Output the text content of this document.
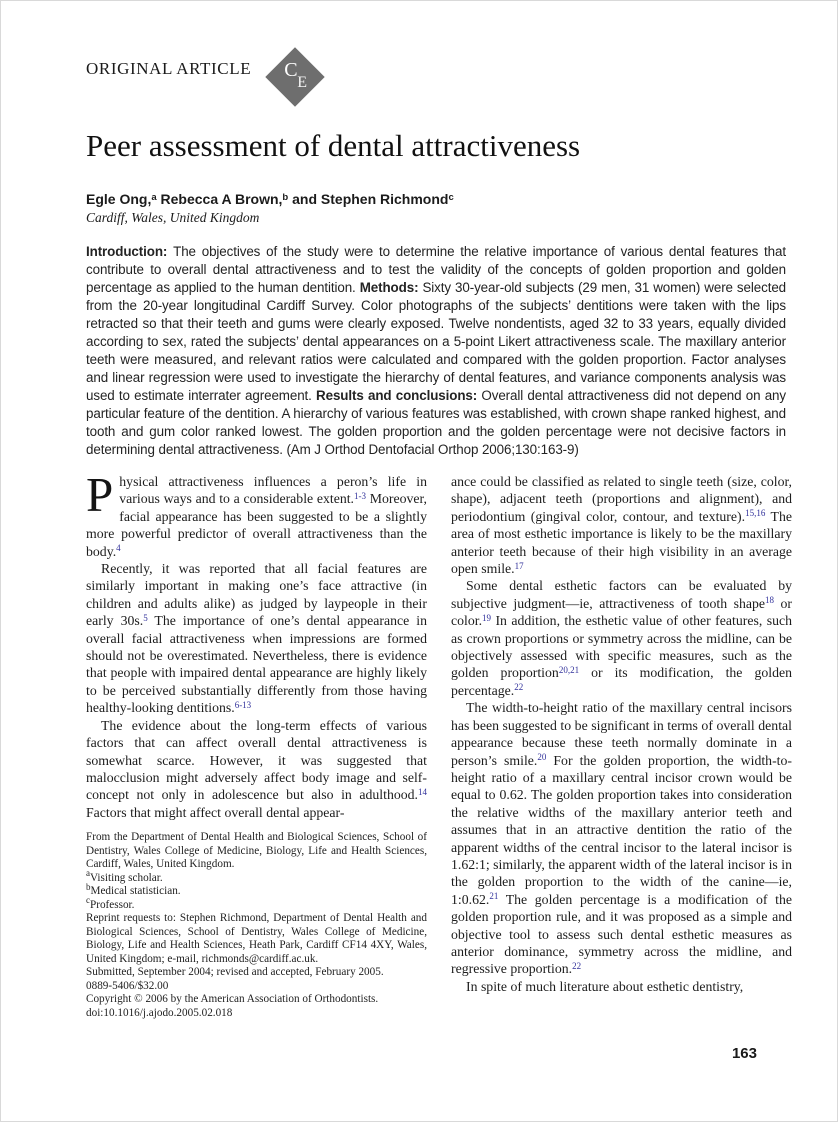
ORIGINAL ARTICLE C
E
Peer assessment of dental attractiveness
Egle Ong,$^a$ Rebecca A Brown,$^b$ and Stephen Richmond$^c$
Cardiff, Wales, United Kingdom
Introduction: The objectives of the study were to determine the relative importance of various dental features that contribute to overall dental attractiveness and to test the validity of the concepts of golden proportion and golden percentage as applied to the human dentition. Methods: Sixty 30-year-old subjects (29 men, 31 women) were selected from the 20-year longitudinal Cardiff Survey. Color photographs of the subjects’ dentitions were taken with the lips retracted so that their teeth and gums were clearly exposed. Twelve nondentists, aged 32 to 33 years, equally divided according to sex, rated the subjects’ dental appearances on a 5-point Likert attractiveness scale. The maxillary anterior teeth were measured, and relevant ratios were calculated and compared with the golden proportion. Factor analyses and linear regression were used to investigate the hierarchy of dental features, and variance components analysis was used to estimate interrater agreement. Results and conclusions: Overall dental attractiveness did not depend on any particular feature of the dentition. A hierarchy of various features was established, with crown shape ranked highest, and tooth and gum color ranked lowest. The golden proportion and the golden percentage were not decisive factors in determining dental attractiveness. (Am J Orthod Dentofacial Orthop 2006;130:163-9)

Physical attractiveness influences a peron’s life in various ways and to a considerable extent.$^{1-3}$ Moreover, facial appearance has been suggested to be a slightly more powerful predictor of overall attractiveness than the body.$^4$

Recently, it was reported that all facial features are similarly important in making one’s face attractive (in children and adults alike) as judged by laypeople in their early 30s.$^5$ The importance of one’s dental appearance in overall facial attractiveness when impressions are formed should not be overestimated. Nevertheless, there is evidence that people with impaired dental appearance are highly likely to be perceived substantially differently from those having healthy-looking dentitions.$^{6-13}$

The evidence about the long-term effects of various factors that can affect overall dental attractiveness is somewhat scarce. However, it was suggested that malocclusion might adversely affect body image and self-concept not only in adolescence but also in adulthood.$^{14}$ Factors that might affect overall dental appear-

From the Department of Dental Health and Biological Sciences, School of Dentistry, Wales College of Medicine, Biology, Life and Health Sciences, Cardiff, Wales, United Kingdom.
$^a$Visiting scholar.
$^b$Medical statistician.
$^c$Professor.
Reprint requests to: Stephen Richmond, Department of Dental Health and Biological Sciences, School of Dentistry, Wales College of Medicine, Biology, Life and Health Sciences, Heath Park, Cardiff CF14 4XY, Wales, United Kingdom; e-mail, richmonds@cardiff.ac.uk.
Submitted, September 2004; revised and accepted, February 2005.
0889-5406/$32.00
Copyright © 2006 by the American Association of Orthodontists.
doi:10.1016/j.ajodo.2005.02.018

ance could be classified as related to single teeth (size, color, shape), adjacent teeth (proportions and alignment), and periodontium (gingival color, contour, and texture).$^{15,16}$ The area of most esthetic importance is likely to be the maxillary anterior teeth because of their high visibility in an average open smile.$^{17}$

Some dental esthetic factors can be evaluated by subjective judgment—ie, attractiveness of tooth shape$^{18}$ or color.$^{19}$ In addition, the esthetic value of other features, such as crown proportions or symmetry across the midline, can be objectively assessed with specific measures, such as the golden proportion$^{20,21}$ or its modification, the golden percentage.$^{22}$

The width-to-height ratio of the maxillary central incisors has been suggested to be significant in terms of overall dental appearance because these teeth normally dominate in a person’s smile.$^{20}$ For the golden proportion, the width-to-height ratio of a maxillary central incisor crown would be equal to 0.62. The golden proportion takes into consideration the relative widths of the maxillary anterior teeth and assumes that in an attractive dentition the ratio of the apparent widths of the central incisor to the lateral incisor is 1.62:1; similarly, the apparent width of the lateral incisor is in the golden proportion to the width of the canine—ie, 1:0.62.21 The golden percentage is a modification of the golden proportion rule, and it was proposed as a simple and objective tool to assess such dental esthetic measures as anterior dominance, symmetry across the midline, and regressive proportion.$^{22}$

In spite of much literature about esthetic dentistry,

163
